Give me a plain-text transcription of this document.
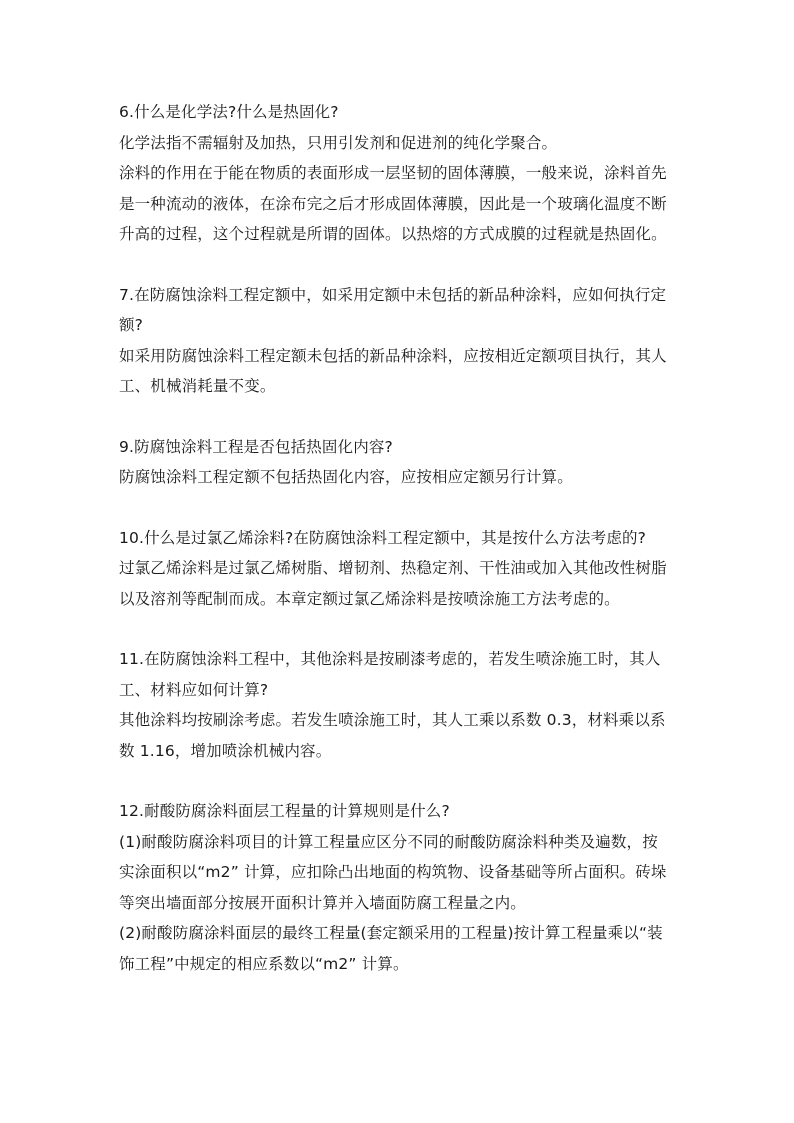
6.什么是化学法?什么是热固化?
化学法指不需辐射及加热，只用引发剂和促进剂的纯化学聚合。
涂料的作用在于能在物质的表面形成一层坚韧的固体薄膜，一般来说，涂料首先
是一种流动的液体，在涂布完之后才形成固体薄膜，因此是一个玻璃化温度不断
升高的过程，这个过程就是所谓的固体。以热熔的方式成膜的过程就是热固化。
7.在防腐蚀涂料工程定额中，如采用定额中未包括的新品种涂料，应如何执行定
额?
如采用防腐蚀涂料工程定额未包括的新品种涂料，应按相近定额项目执行，其人
工、机械消耗量不变。
9.防腐蚀涂料工程是否包括热固化内容?
防腐蚀涂料工程定额不包括热固化内容，应按相应定额另行计算。
10.什么是过氯乙烯涂料?在防腐蚀涂料工程定额中，其是按什么方法考虑的?
过氯乙烯涂料是过氯乙烯树脂、增韧剂、热稳定剂、干性油或加入其他改性树脂
以及溶剂等配制而成。本章定额过氯乙烯涂料是按喷涂施工方法考虑的。
11.在防腐蚀涂料工程中，其他涂料是按刷漆考虑的，若发生喷涂施工时，其人
工、材料应如何计算?
其他涂料均按刷涂考虑。若发生喷涂施工时，其人工乘以系数 0.3，材料乘以系
数 1.16，增加喷涂机械内容。
12.耐酸防腐涂料面层工程量的计算规则是什么?
(1)耐酸防腐涂料项目的计算工程量应区分不同的耐酸防腐涂料种类及遍数，按
实涂面积以“m2” 计算，应扣除凸出地面的构筑物、设备基础等所占面积。砖垛
等突出墙面部分按展开面积计算并入墙面防腐工程量之内。
(2)耐酸防腐涂料面层的最终工程量(套定额采用的工程量)按计算工程量乘以“装
饰工程”中规定的相应系数以“m2” 计算。
